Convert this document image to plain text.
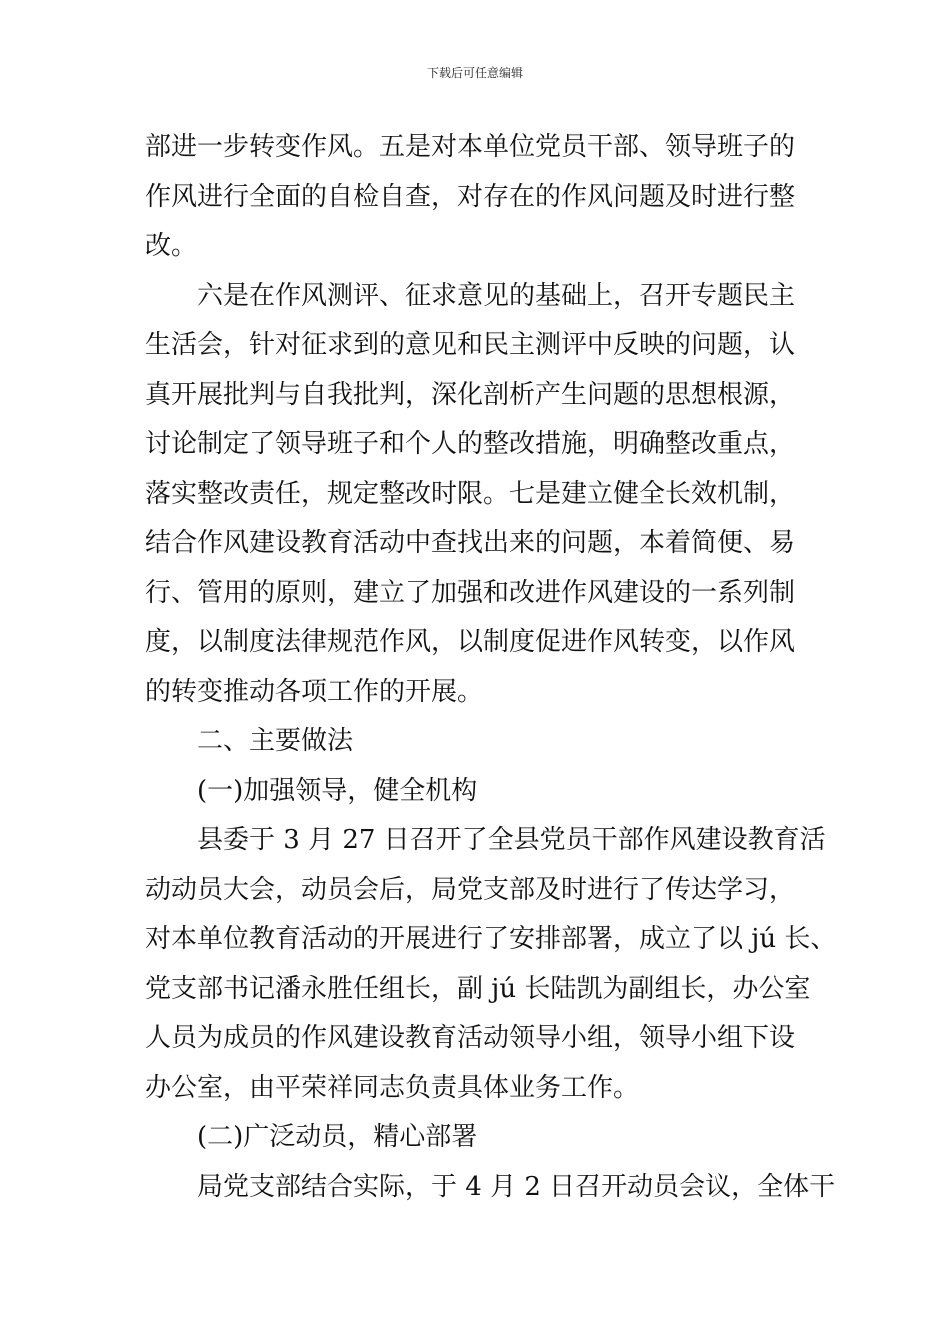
下载后可任意编辑
部进一步转变作风。五是对本单位党员干部、领导班子的
作风进行全面的自检自查，对存在的作风问题及时进行整
改。
六是在作风测评、征求意见的基础上，召开专题民主
生活会，针对征求到的意见和民主测评中反映的问题，认
真开展批判与自我批判，深化剖析产生问题的思想根源，
讨论制定了领导班子和个人的整改措施，明确整改重点，
落实整改责任，规定整改时限。七是建立健全长效机制，
结合作风建设教育活动中查找出来的问题，本着简便、易
行、管用的原则，建立了加强和改进作风建设的一系列制
度，以制度法律规范作风，以制度促进作风转变，以作风
的转变推动各项工作的开展。
二、主要做法
(一)加强领导，健全机构
县委于 3 月 27 日召开了全县党员干部作风建设教育活
动动员大会，动员会后，局党支部及时进行了传达学习，
对本单位教育活动的开展进行了安排部署，成立了以 jú 长、
党支部书记潘永胜任组长，副 jú 长陆凯为副组长，办公室
人员为成员的作风建设教育活动领导小组，领导小组下设
办公室，由平荣祥同志负责具体业务工作。
(二)广泛动员，精心部署
局党支部结合实际，于 4 月 2 日召开动员会议，全体干
